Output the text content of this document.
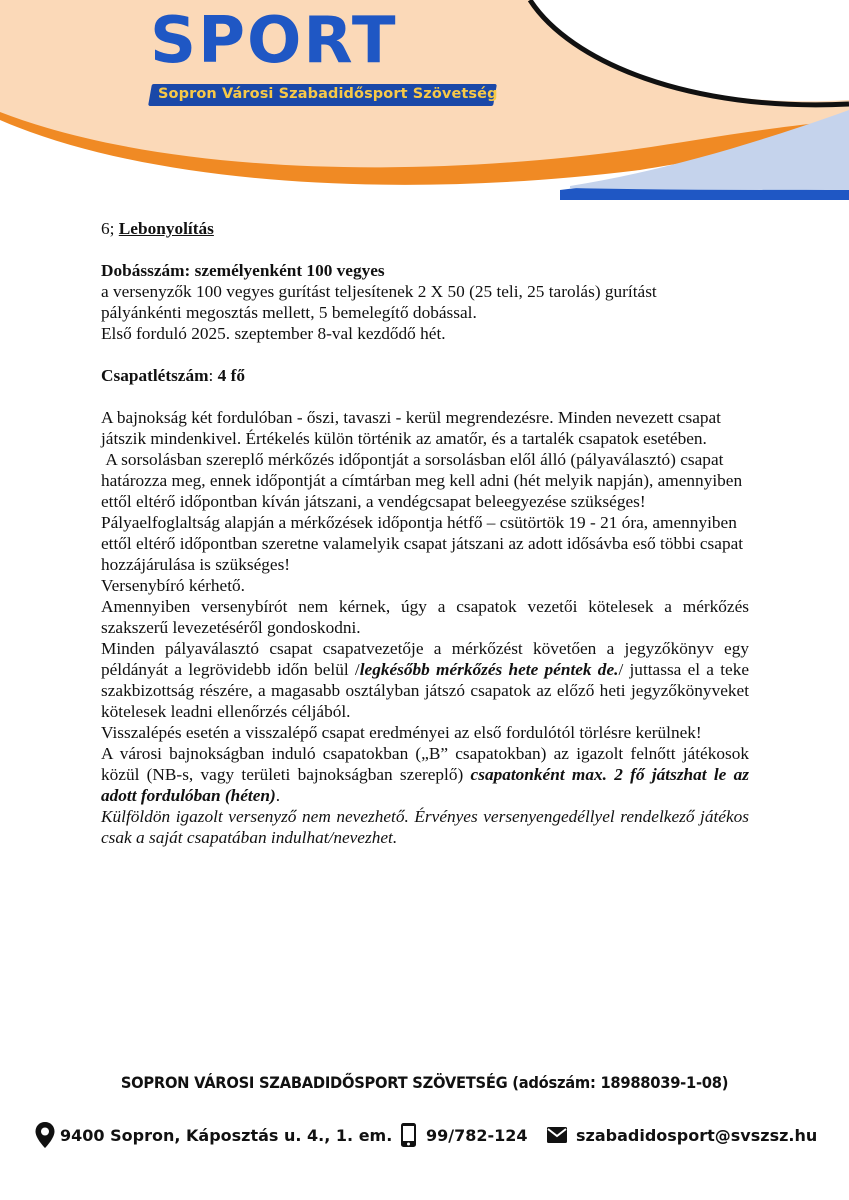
SPORT
Sopron Városi Szabadidősport Szövetség

6; Lebonyolítás

Dobásszám: személyenként 100 vegyes

a versenyzők 100 vegyes gurítást teljesítenek 2 X 50 (25 teli, 25 tarolás) gurítást

pályánkénti megosztás mellett, 5 bemelegítő dobással.

Első forduló 2025. szeptember 8-val kezdődő hét.

Csapatlétszám: 4 fő

A bajnokság két fordulóban - őszi, tavaszi - kerül megrendezésre. Minden nevezett csapat játszik mindenkivel. Értékelés külön történik az amatőr, és a tartalék csapatok esetében.

A sorsolásban szereplő mérkőzés időpontját a sorsolásban elől álló (pályaválasztó) csapat határozza meg, ennek időpontját a címtárban meg kell adni (hét melyik napján), amennyiben ettől eltérő időpontban kíván játszani, a vendégcsapat beleegyezése szükséges!

Pályaelfoglaltság alapján a mérkőzések időpontja hétfő – csütörtök 19 - 21 óra, amennyiben ettől eltérő időpontban szeretne valamelyik csapat játszani az adott idősávba eső többi csapat hozzájárulása is szükséges!

Versenybíró kérhető.

Amennyiben versenybírót nem kérnek, úgy a csapatok vezetői kötelesek a mérkőzés szakszerű levezetéséről gondoskodni.

Minden pályaválasztó csapat csapatvezetője a mérkőzést követően a jegyzőkönyv egy példányát a legrövidebb időn belül /legkésőbb mérkőzés hete péntek de./ juttassa el a teke szakbizottság részére, a magasabb osztályban játszó csapatok az előző heti jegyzőkönyveket kötelesek leadni ellenőrzés céljából.

Visszalépés esetén a visszalépő csapat eredményei az első fordulótól törlésre kerülnek!

A városi bajnokságban induló csapatokban („B” csapatokban) az igazolt felnőtt játékosok közül (NB-s, vagy területi bajnokságban szereplő) csapatonként max. 2 fő játszhat le az adott fordulóban (héten).

Külföldön igazolt versenyző nem nevezhető. Érvényes versenyengedéllyel rendelkező játékos csak a saját csapatában indulhat/nevezhet.

SOPRON VÁROSI SZABADIDŐSPORT SZÖVETSÉG (adószám: 18988039-1-08)
9400 Sopron, Káposztás u. 4., 1. em. 99/782-124	szabadidosport@svszsz.hu
